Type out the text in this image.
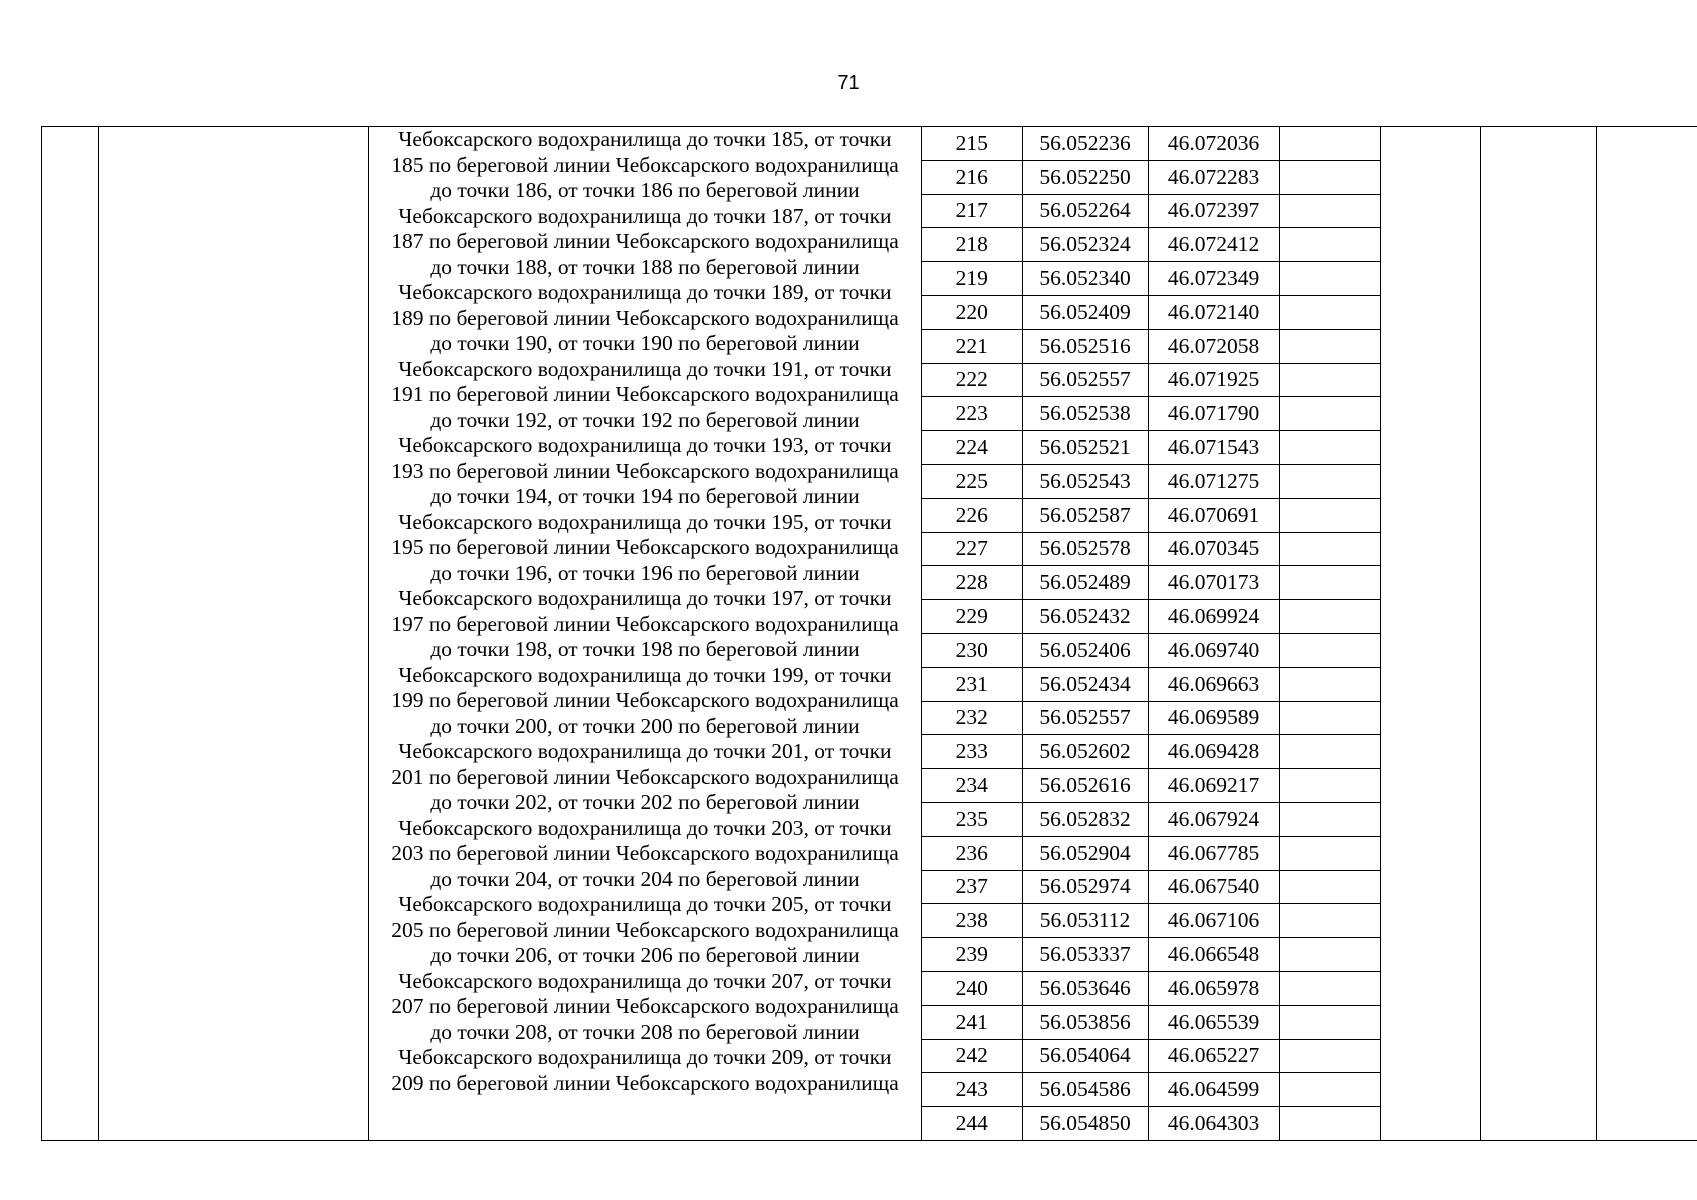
71

Чебоксарского водохранилища до точки 185, от точки
185 по береговой линии Чебоксарского водохранилища
до точки 186, от точки 186 по береговой линии
Чебоксарского водохранилища до точки 187, от точки
187 по береговой линии Чебоксарского водохранилища
до точки 188, от точки 188 по береговой линии
Чебоксарского водохранилища до точки 189, от точки
189 по береговой линии Чебоксарского водохранилища
до точки 190, от точки 190 по береговой линии
Чебоксарского водохранилища до точки 191, от точки
191 по береговой линии Чебоксарского водохранилища
до точки 192, от точки 192 по береговой линии
Чебоксарского водохранилища до точки 193, от точки
193 по береговой линии Чебоксарского водохранилища
до точки 194, от точки 194 по береговой линии
Чебоксарского водохранилища до точки 195, от точки
195 по береговой линии Чебоксарского водохранилища
до точки 196, от точки 196 по береговой линии
Чебоксарского водохранилища до точки 197, от точки
197 по береговой линии Чебоксарского водохранилища
до точки 198, от точки 198 по береговой линии
Чебоксарского водохранилища до точки 199, от точки
199 по береговой линии Чебоксарского водохранилища
до точки 200, от точки 200 по береговой линии
Чебоксарского водохранилища до точки 201, от точки
201 по береговой линии Чебоксарского водохранилища
до точки 202, от точки 202 по береговой линии
Чебоксарского водохранилища до точки 203, от точки
203 по береговой линии Чебоксарского водохранилища
до точки 204, от точки 204 по береговой линии
Чебоксарского водохранилища до точки 205, от точки
205 по береговой линии Чебоксарского водохранилища
до точки 206, от точки 206 по береговой линии
Чебоксарского водохранилища до точки 207, от точки
207 по береговой линии Чебоксарского водохранилища
до точки 208, от точки 208 по береговой линии
Чебоксарского водохранилища до точки 209, от точки
209 по береговой линии Чебоксарского водохранилища

215	56.052236	46.072036	
216	56.052250	46.072283	
217	56.052264	46.072397	
218	56.052324	46.072412	
219	56.052340	46.072349	
220	56.052409	46.072140	
221	56.052516	46.072058	
222	56.052557	46.071925	
223	56.052538	46.071790	
224	56.052521	46.071543	
225	56.052543	46.071275	
226	56.052587	46.070691	
227	56.052578	46.070345	
228	56.052489	46.070173	
229	56.052432	46.069924	
230	56.052406	46.069740	
231	56.052434	46.069663	
232	56.052557	46.069589	
233	56.052602	46.069428	
234	56.052616	46.069217	
235	56.052832	46.067924	
236	56.052904	46.067785	
237	56.052974	46.067540	
238	56.053112	46.067106	
239	56.053337	46.066548	
240	56.053646	46.065978	
241	56.053856	46.065539	
242	56.054064	46.065227	
243	56.054586	46.064599	
244	56.054850	46.064303	
